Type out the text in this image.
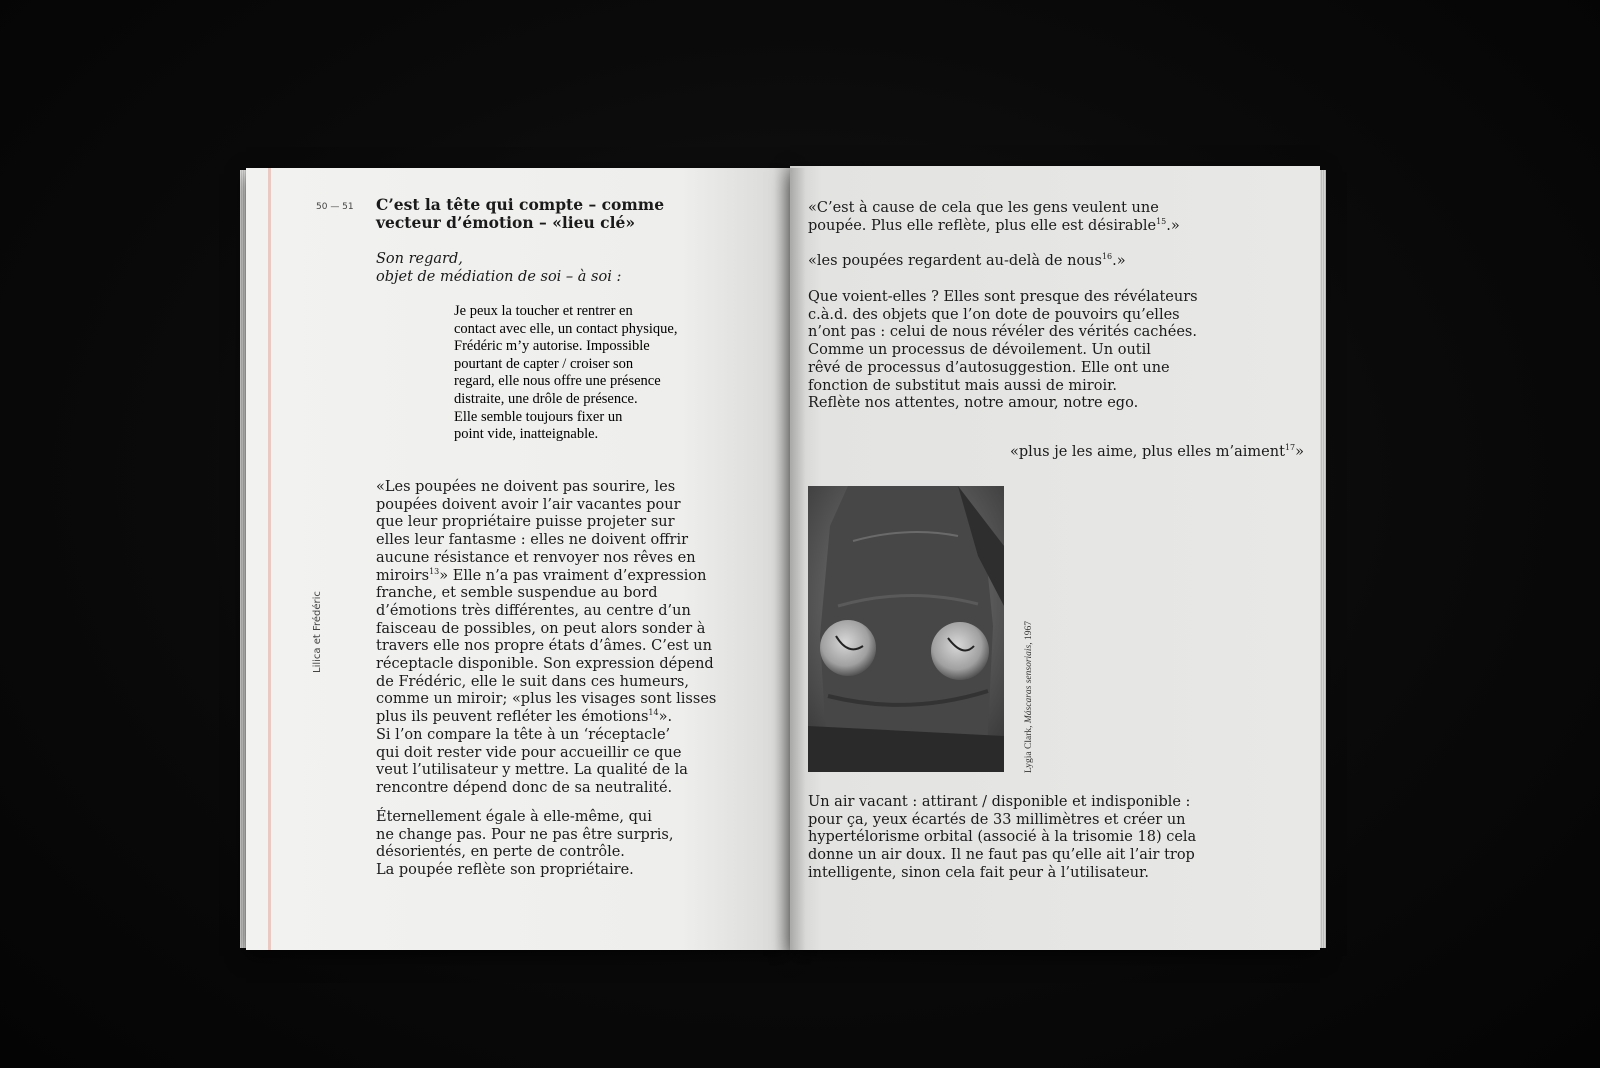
50 — 51

Lilica et Frédéric

C’est la tête qui compte – comme
vecteur d’émotion – «lieu clé»
Son regard,
objet de médiation de soi – à soi :
Je peux la toucher et rentrer en
contact avec elle, un contact physique,
Frédéric m’y autorise. Impossible
pourtant de capter / croiser son
regard, elle nous offre une présence
distraite, une drôle de présence.
Elle semble toujours fixer un
point vide, inatteignable.
«Les poupées ne doivent pas sourire, les
poupées doivent avoir l’air vacantes pour
que leur propriétaire puisse projeter sur
elles leur fantasme : elles ne doivent offrir
aucune résistance et renvoyer nos rêves en
miroirs$^{13}$» Elle n’a pas vraiment d’expression
franche, et semble suspendue au bord
d’émotions très différentes, au centre d’un
faisceau de possibles, on peut alors sonder à
travers elle nos propre états d’âmes. C’est un
réceptacle disponible. Son expression dépend
de Frédéric, elle le suit dans ces humeurs,
comme un miroir; «plus les visages sont lisses
plus ils peuvent refléter les émotions$^{14}$».
Si l’on compare la tête à un ‘réceptacle’
qui doit rester vide pour accueillir ce que
veut l’utilisateur y mettre. La qualité de la
rencontre dépend donc de sa neutralité.
Éternellement égale à elle-même, qui
ne change pas. Pour ne pas être surpris,
désorientés, en perte de contrôle.
La poupée reflète son propriétaire.
«C’est à cause de cela que les gens veulent une
poupée. Plus elle reflète, plus elle est désirable$^{15}$.»
«les poupées regardent au-delà de nous$^{16}$.»
Que voient-elles ? Elles sont presque des révélateurs
c.à.d. des objets que l’on dote de pouvoirs qu’elles
n’ont pas : celui de nous révéler des vérités cachées.
Comme un processus de dévoilement. Un outil
rêvé de processus d’autosuggestion. Elle ont une
fonction de substitut mais aussi de miroir.
Reflète nos attentes, notre amour, notre ego.
«plus je les aime, plus elles m’aiment$^{17}$»
Lygia Clark, Máscaras sensoriais, 1967
Un air vacant : attirant / disponible et indisponible :
pour ça, yeux écartés de 33 millimètres et créer un
hypertélorisme orbital (associé à la trisomie 18) cela
donne un air doux. Il ne faut pas qu’elle ait l’air trop
intelligente, sinon cela fait peur à l’utilisateur.
